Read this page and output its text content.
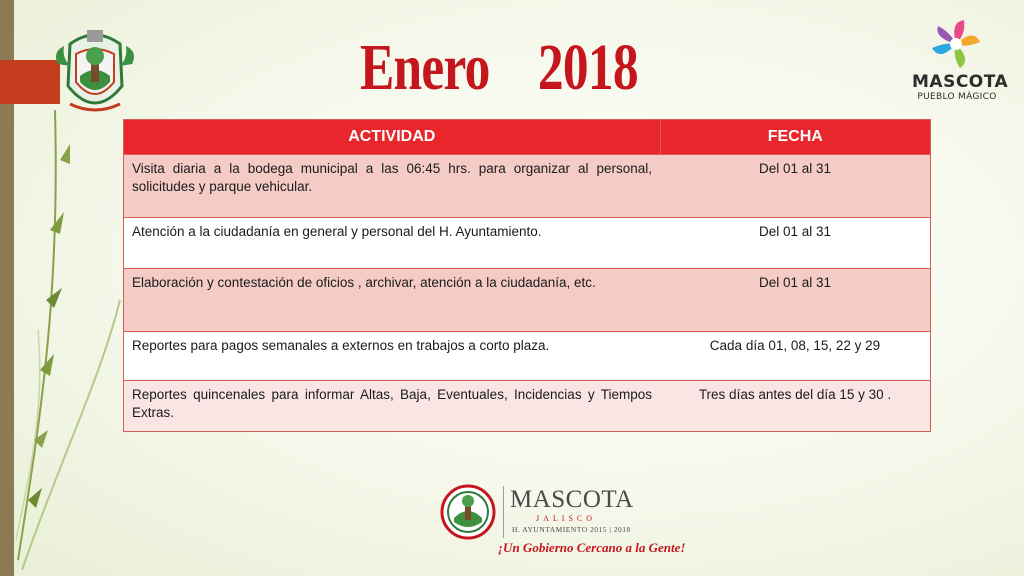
Enero    2018	MASCOTA
PUEBLO MÁGICO
ACTIVIDAD	FECHA
Visita diaria a la bodega municipal a las 06:45 hrs. para organizar al personal, solicitudes y parque vehicular.	Del 01 al 31
Atención a la ciudadanía en general y personal del H. Ayuntamiento.	Del 01 al 31
Elaboración y contestación de oficios , archivar, atención a la ciudadanía, etc.	Del 01 al 31
Reportes para pagos semanales a externos en trabajos a corto plaza.	Cada día 01, 08, 15, 22 y 29
Reportes quincenales para informar Altas, Baja, Eventuales, Incidencias y Tiempos Extras.	Tres días antes del día 15 y 30 .
MASCOTA
JALISCO
H. AYUNTAMIENTO 2015 | 2018
¡Un Gobierno Cercano a la Gente!
